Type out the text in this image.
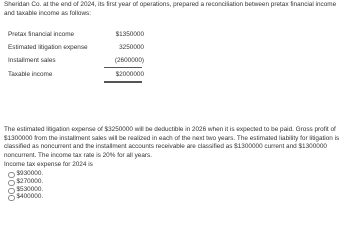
Sheridan Co. at the end of 2024, its first year of operations, prepared a reconciliation between pretax financial income and taxable income as follows:
Pretax financial income	$1350000
Estimated litigation expense	3250000
Installment sales	(2600000)
Taxable income	$2000000
The estimated litigation expense of $3250000 will be deductible in 2026 when it is expected to be paid. Gross profit of $1300000 from the installment sales will be realized in each of the next two years. The estimated liability for litigation is classified as noncurrent and the installment accounts receivable are classified as $1300000 current and $1300000 noncurrent. The income tax rate is 20% for all years.
Income tax expense for 2024 is
$930000.
$270000.
$530000.
$400000.
